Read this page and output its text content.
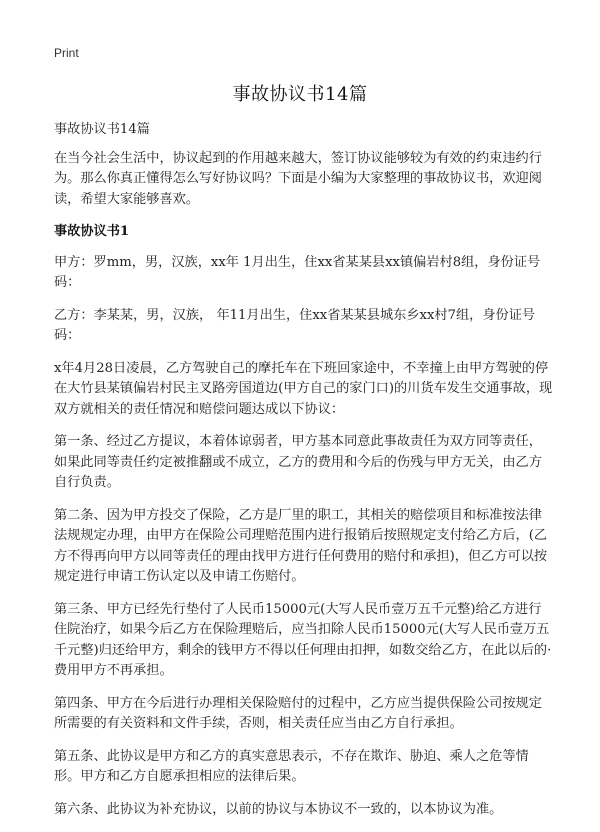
Print
事故协议书14篇

事故协议书14篇

在当今社会生活中，协议起到的作用越来越大，签订协议能够较为有效的约束违约行为。那么你真正懂得怎么写好协议吗？下面是小编为大家整理的事故协议书，欢迎阅读，希望大家能够喜欢。

事故协议书1

甲方：罗mm，男，汉族，xx年 1月出生，住xx省某某县xx镇偏岩村8组，身份证号码：

乙方：李某某，男，汉族， 年11月出生，住xx省某某县城东乡xx村7组，身份证号码：

x年4月28日凌晨，乙方驾驶自己的摩托车在下班回家途中，不幸撞上由甲方驾驶的停在大竹县某镇偏岩村民主叉路旁国道边(甲方自己的家门口)的川货车发生交通事故，现双方就相关的责任情况和赔偿问题达成以下协议：

第一条、经过乙方提议，本着体谅弱者，甲方基本同意此事故责任为双方同等责任，如果此同等责任约定被推翻或不成立，乙方的费用和今后的伤残与甲方无关，由乙方自行负责。

第二条、因为甲方投交了保险，乙方是厂里的职工，其相关的赔偿项目和标准按法律法规规定办理，由甲方在保险公司理赔范围内进行报销后按照规定支付给乙方后，(乙方不得再向甲方以同等责任的理由找甲方进行任何费用的赔付和承担)，但乙方可以按规定进行申请工伤认定以及申请工伤赔付。

第三条、甲方已经先行垫付了人民币15000元(大写人民币壹万五千元整)给乙方进行住院治疗，如果今后乙方在保险理赔后，应当扣除人民币15000元(大写人民币壹万五千元整)归还给甲方，剩余的钱甲方不得以任何理由扣押，如数交给乙方，在此以后的·费用甲方不再承担。

第四条、甲方在今后进行办理相关保险赔付的过程中，乙方应当提供保险公司按规定所需要的有关资料和文件手续，否则，相关责任应当由乙方自行承担。

第五条、此协议是甲方和乙方的真实意思表示，不存在欺诈、胁迫、乘人之危等情形。甲方和乙方自愿承担相应的法律后果。

第六条、此协议为补充协议，以前的协议与本协议不一致的，以本协议为准。
